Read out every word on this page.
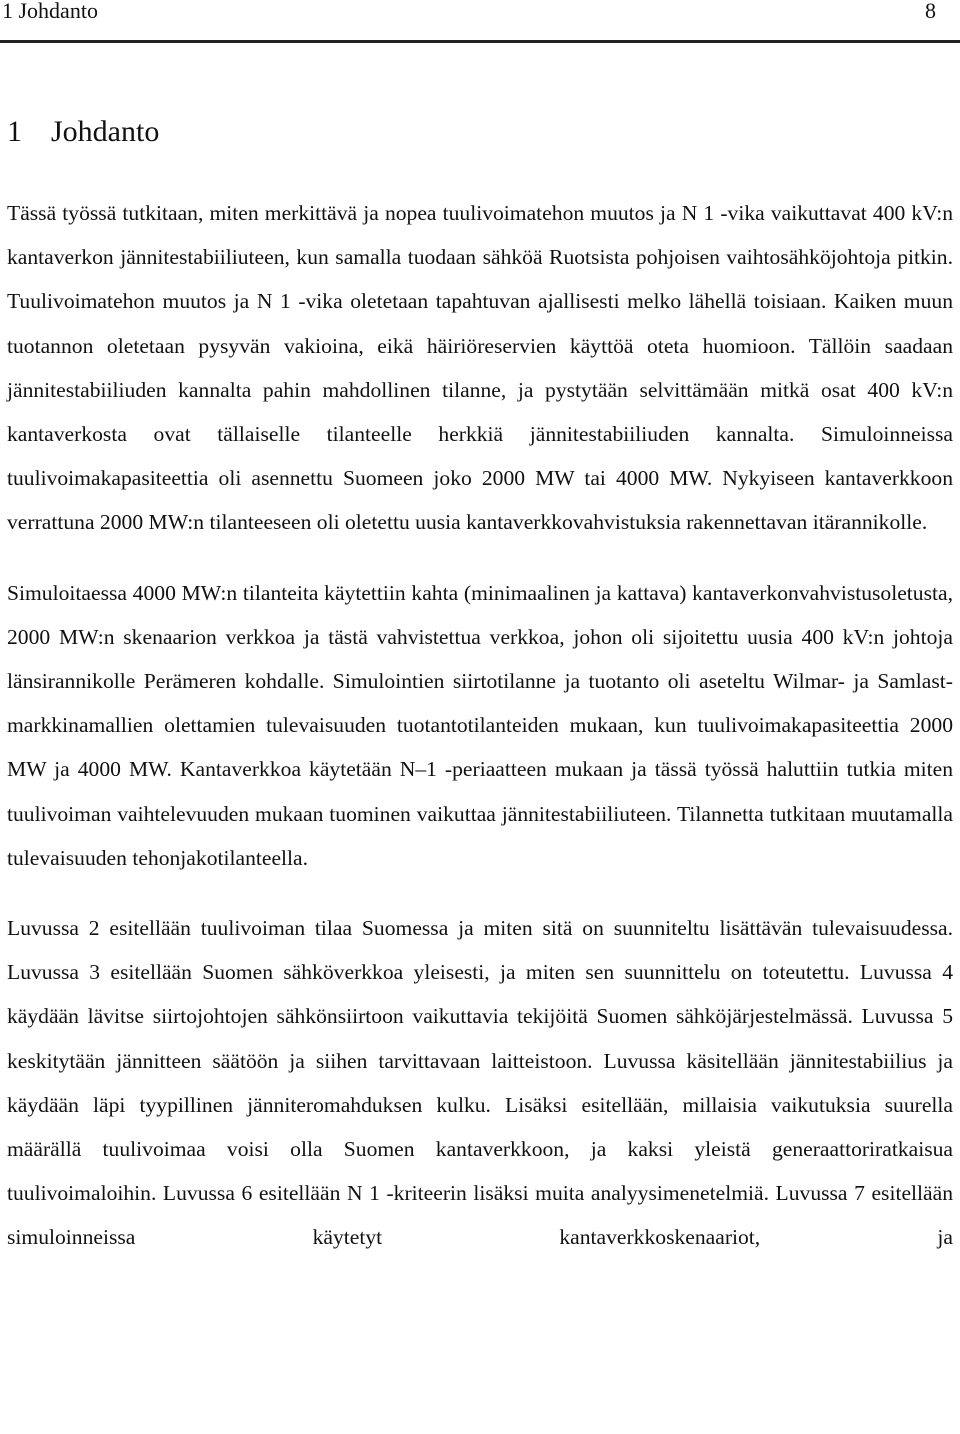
1 Johdanto	8
1 Johdanto

Tässä työssä tutkitaan, miten merkittävä ja nopea tuulivoimatehon muutos ja N 1 -vika vaikuttavat 400 kV:n kantaverkon jännitestabiiliuteen, kun samalla tuodaan sähköä Ruotsista pohjoisen vaihtosähköjohtoja pitkin. Tuulivoimatehon muutos ja N 1 -vika oletetaan tapahtuvan ajallisesti melko lähellä toisiaan. Kaiken muun tuotannon oletetaan pysyvän vakioina, eikä häiriöreservien käyttöä oteta huomioon. Tällöin saadaan jännitestabiiliuden kannalta pahin mahdollinen tilanne, ja pystytään selvittämään mitkä osat 400 kV:n kantaverkosta ovat tällaiselle tilanteelle herkkiä jännitestabiiliuden kannalta. Simuloinneissa tuulivoimakapasiteettia oli asennettu Suomeen joko 2000 MW tai 4000 MW. Nykyiseen kantaverkkoon verrattuna 2000 MW:n tilanteeseen oli oletettu uusia kantaverkkovahvistuksia rakennettavan itärannikolle.

Simuloitaessa 4000 MW:n tilanteita käytettiin kahta (minimaalinen ja kattava) kantaverkonvahvistusoletusta, 2000 MW:n skenaarion verkkoa ja tästä vahvistettua verkkoa, johon oli sijoitettu uusia 400 kV:n johtoja länsirannikolle Perämeren kohdalle. Simulointien siirtotilanne ja tuotanto oli aseteltu Wilmar- ja Samlast-markkinamallien olettamien tulevaisuuden tuotantotilanteiden mukaan, kun tuulivoimakapasiteettia 2000 MW ja 4000 MW. Kantaverkkoa käytetään N–1 -periaatteen mukaan ja tässä työssä haluttiin tutkia miten tuulivoiman vaihtelevuuden mukaan tuominen vaikuttaa jännitestabiiliuteen. Tilannetta tutkitaan muutamalla tulevaisuuden tehonjakotilanteella.

Luvussa 2 esitellään tuulivoiman tilaa Suomessa ja miten sitä on suunniteltu lisättävän tulevaisuudessa. Luvussa 3 esitellään Suomen sähköverkkoa yleisesti, ja miten sen suunnittelu on toteutettu. Luvussa 4 käydään lävitse siirtojohtojen sähkönsiirtoon vaikuttavia tekijöitä Suomen sähköjärjestelmässä. Luvussa 5 keskitytään jännitteen säätöön ja siihen tarvittavaan laitteistoon. Luvussa käsitellään jännitestabiilius ja käydään läpi tyypillinen jänniteromahduksen kulku. Lisäksi esitellään, millaisia vaikutuksia suurella määrällä tuulivoimaa voisi olla Suomen kantaverkkoon, ja kaksi yleistä generaattoriratkaisua tuulivoimaloihin. Luvussa 6 esitellään N 1 -kriteerin lisäksi muita analyysimenetelmiä. Luvussa 7 esitellään simuloinneissa käytetyt kantaverkkoskenaariot, ja
